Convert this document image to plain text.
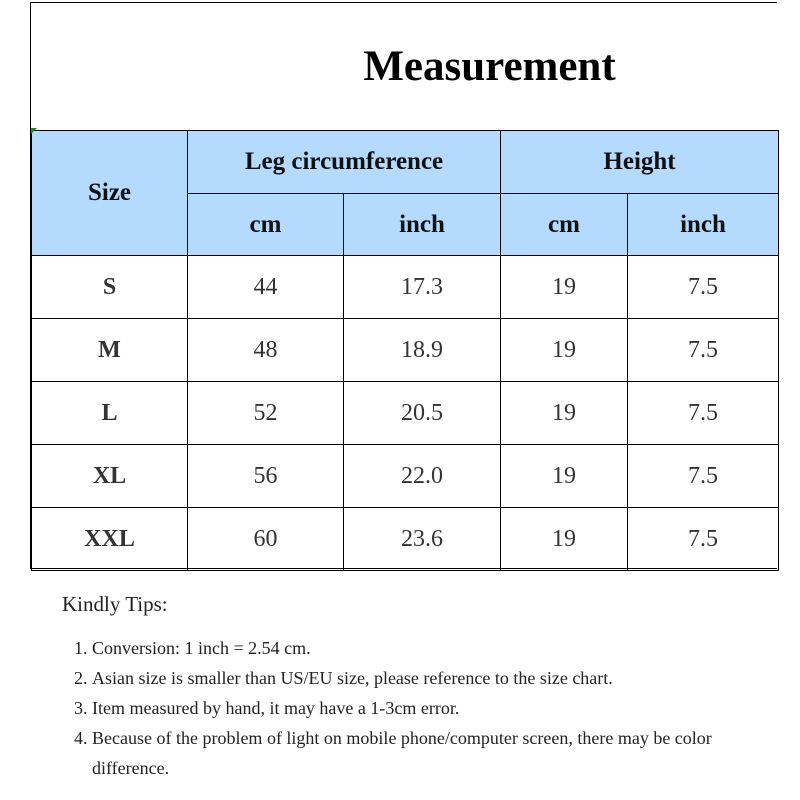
Measurement
Size	Leg circumference		Height	
	cm	inch	cm	inch
S	44	17.3	19	7.5
M	48	18.9	19	7.5
L	52	20.5	19	7.5
XL	56	22.0	19	7.5
XXL	60	23.6	19	7.5
Kindly Tips:
1. Conversion: 1 inch = 2.54 cm.
2. Asian size is smaller than US/EU size, please reference to the size chart.
3. Item measured by hand, it may have a 1-3cm error.
4. Because of the problem of light on mobile phone/computer screen, there may be color difference.
